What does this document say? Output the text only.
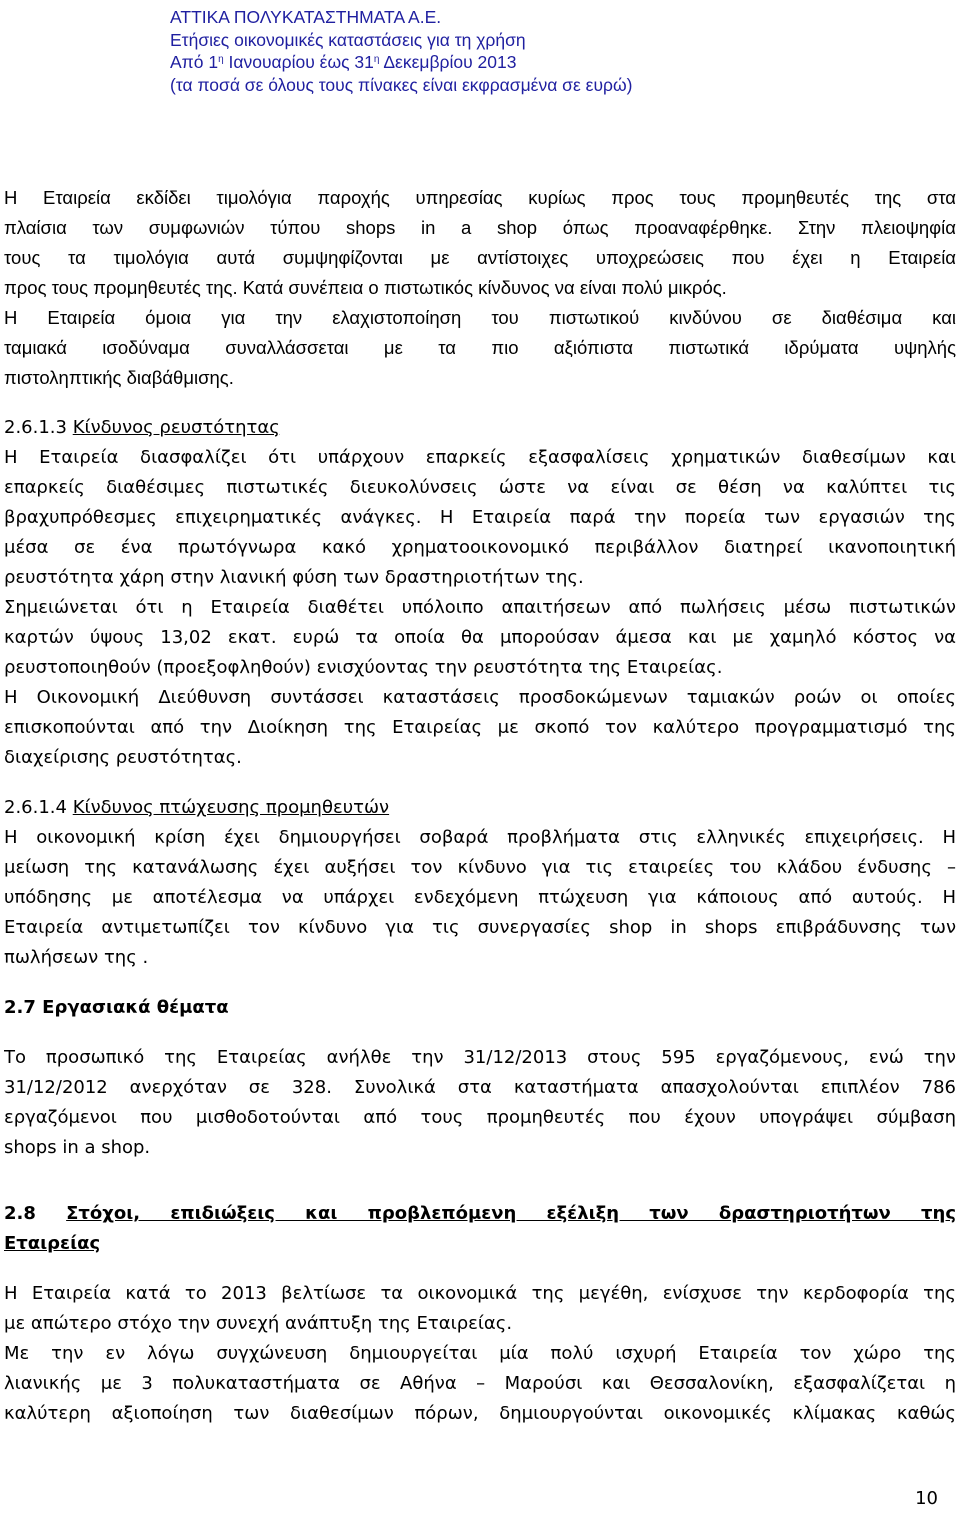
ΑΤΤΙΚΑ ΠΟΛΥΚΑΤΑΣΤΗΜΑΤΑ Α.Ε.
Ετήσιες οικονομικές καταστάσεις για τη χρήση
Από $1^\eta$ Ιανουαρίου έως $31^\eta$ Δεκεμβρίου 2013
(τα ποσά σε όλους τους πίνακες είναι εκφρασμένα σε ευρώ)
Η Εταιρεία εκδίδει τιμολόγια παροχής υπηρεσίας κυρίως προς τους προμηθευτές της στα
πλαίσια των συμφωνιών τύπου shops in a shop όπως προαναφέρθηκε. Στην πλειοψηφία
τους τα τιμολόγια αυτά συμψηφίζονται με αντίστοιχες υποχρεώσεις που έχει η Εταιρεία
προς τους προμηθευτές της. Κατά συνέπεια ο πιστωτικός κίνδυνος να είναι πολύ μικρός.
Η Εταιρεία όμοια για την ελαχιστοποίηση του πιστωτικού κινδύνου σε διαθέσιμα και
ταμιακά ισοδύναμα συναλλάσσεται με τα πιο αξιόπιστα πιστωτικά ιδρύματα υψηλής
πιστοληπτικής διαβάθμισης.
2.6.1.3 Κίνδυνος ρευστότητας
Η Εταιρεία διασφαλίζει ότι υπάρχουν επαρκείς εξασφαλίσεις χρηματικών διαθεσίμων και
επαρκείς διαθέσιμες πιστωτικές διευκολύνσεις ώστε να είναι σε θέση να καλύπτει τις
βραχυπρόθεσμες επιχειρηματικές ανάγκες. Η Εταιρεία παρά την πορεία των εργασιών της
μέσα σε ένα πρωτόγνωρα κακό χρηματοοικονομικό περιβάλλον διατηρεί ικανοποιητική
ρευστότητα χάρη στην λιανική φύση των δραστηριοτήτων της.
Σημειώνεται ότι η Εταιρεία διαθέτει υπόλοιπο απαιτήσεων από πωλήσεις μέσω πιστωτικών
καρτών ύψους 13,02 εκατ. ευρώ τα οποία θα μπορούσαν άμεσα και με χαμηλό κόστος να
ρευστοποιηθούν (προεξοφληθούν) ενισχύοντας την ρευστότητα της Εταιρείας.
Η Οικονομική Διεύθυνση συντάσσει καταστάσεις προσδοκώμενων ταμιακών ροών οι οποίες
επισκοπούνται από την Διοίκηση της Εταιρείας με σκοπό τον καλύτερο προγραμματισμό της
διαχείρισης ρευστότητας.
2.6.1.4 Κίνδυνος πτώχευσης προμηθευτών
Η οικονομική κρίση έχει δημιουργήσει σοβαρά προβλήματα στις ελληνικές επιχειρήσεις. Η
μείωση της κατανάλωσης έχει αυξήσει τον κίνδυνο για τις εταιρείες του κλάδου ένδυσης –
υπόδησης με αποτέλεσμα να υπάρχει ενδεχόμενη πτώχευση για κάποιους από αυτούς. Η
Εταιρεία αντιμετωπίζει τον κίνδυνο για τις συνεργασίες shop in shops επιβράδυνσης των
πωλήσεων της .
2.7 Εργασιακά θέματα
Το προσωπικό της Εταιρείας ανήλθε την 31/12/2013 στους 595 εργαζόμενους, ενώ την
31/12/2012 ανερχόταν σε 328. Συνολικά στα καταστήματα απασχολούνται επιπλέον 786
εργαζόμενοι που μισθοδοτούνται από τους προμηθευτές που έχουν υπογράψει σύμβαση
shops in a shop.
2.8 Στόχοι, επιδιώξεις και προβλεπόμενη εξέλιξη των δραστηριοτήτων της
Εταιρείας
Η Εταιρεία κατά το 2013 βελτίωσε τα οικονομικά της μεγέθη, ενίσχυσε την κερδοφορία της
με απώτερο στόχο την συνεχή ανάπτυξη της Εταιρείας.
Με την εν λόγω συγχώνευση δημιουργείται μία πολύ ισχυρή Εταιρεία τον χώρο της
λιανικής με 3 πολυκαταστήματα σε Αθήνα – Μαρούσι και Θεσσαλονίκη, εξασφαλίζεται η
καλύτερη αξιοποίηση των διαθεσίμων πόρων, δημιουργούνται οικονομικές κλίμακας καθώς
10
